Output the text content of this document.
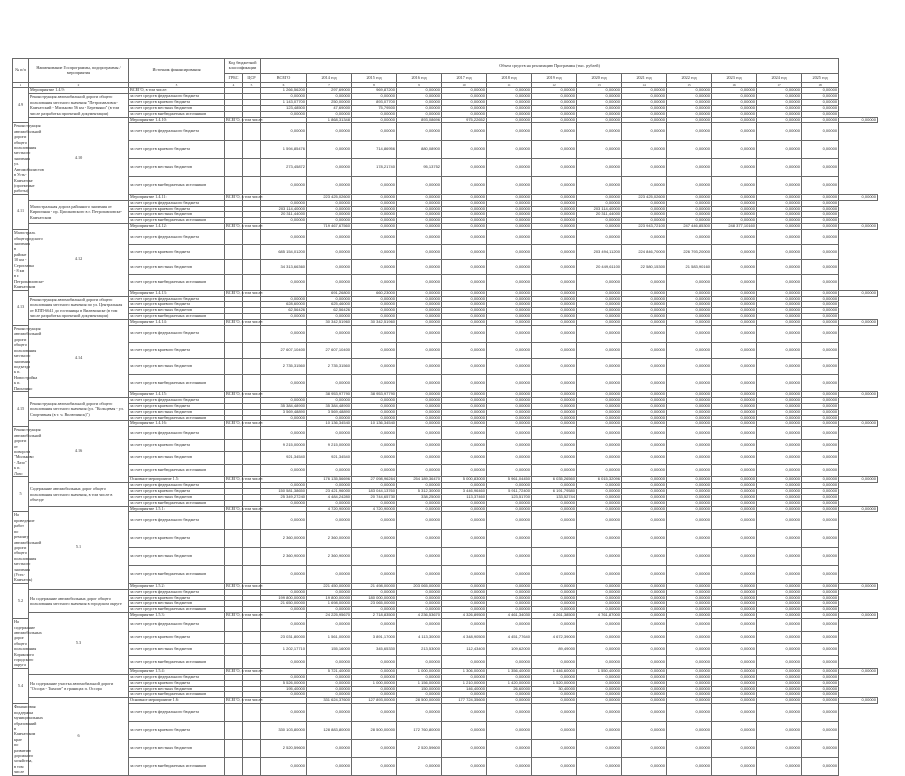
№ п/п	Наименование Госпрограммы, подпрограммы / мероприятия	Источник финансирования	Код бюджетной классификации		Объем средств на реализацию Программы (тыс. рублей)													
			ГРБС	ЦСР	ВСЕГО	2014 год	2015 год	2016 год	2017 год	2018 год	2019 год	2020 год	2021 год	2022 год	2023 год	2024 год	2025 год	
1	2	3	4	5	6	7	8	9	10	11	12	13	14	15	16	17	18	
4.9	Мероприятие 1.4.9:	ВСЕГО, в том числе:			1 266,56200	297,69000	969,87200	0,00000	0,00000	0,00000	0,00000	0,00000	0,00000	0,00000	0,00000	0,00000	0,00000	
	Реконструкция автомобильной дороги общего пользования местного значения "Петропавловск-Камчатский - Мильково 56 км - Березняки" (в том числе разработка проектной документации)	за счет средств федерального бюджета			0,00000	0,00000	0,00000	0,00000	0,00000	0,00000	0,00000	0,00000	0,00000	0,00000	0,00000	0,00000	0,00000	
		за счет средств краевого бюджета			1 143,07700	250,00000	893,07700	0,00000	0,00000	0,00000	0,00000	0,00000	0,00000	0,00000	0,00000	0,00000	0,00000	
		за счет средств местных бюджетов			123,48500	47,69000	75,79500	0,00000	0,00000	0,00000	0,00000	0,00000	0,00000	0,00000	0,00000	0,00000	0,00000	
		за счет средств внебюджетных источников			0,00000	0,00000	0,00000	0,00000	0,00000	0,00000	0,00000	0,00000	0,00000	0,00000	0,00000	0,00000	0,00000	
	4.10	Мероприятие 1.4.10:	ВСЕГО, в том числе:			1 868,31348	0,00000	893,08696	975,22652	0,00000	0,00000	0,00000	0,00000	0,00000	0,00000	0,00000	0,00000	0,00000
Реконструкция автомобильной дороги общего пользования местного значения ул. Автомобилистов в Усть-Камчатске (проектные работы)		за счет средств федерального бюджета			0,00000	0,00000	0,00000	0,00000	0,00000	0,00000	0,00000	0,00000	0,00000	0,00000	0,00000	0,00000	0,00000	
		за счет средств краевого бюджета			1 594,85476	0,00000	714,86956	880,08900	0,00000	0,00000	0,00000	0,00000	0,00000	0,00000	0,00000	0,00000	0,00000	
		за счет средств местных бюджетов			273,45872	0,00000	178,21740	95,13752	0,00000	0,00000	0,00000	0,00000	0,00000	0,00000	0,00000	0,00000	0,00000	
		за счет средств внебюджетных источников			0,00000	0,00000	0,00000	0,00000	0,00000	0,00000	0,00000	0,00000	0,00000	0,00000	0,00000	0,00000	0,00000	
4.11		Мероприятие 1.4.11:	ВСЕГО, в том числе:			223 425,02600	0,00000	0,00000	0,00000	0,00000	0,00000	0,00000	223 425,02600	0,00000	0,00000	0,00000	0,00000	0,00000
	Магистральная дорога районного значения от Кирпичная - пр. Циолковского в г. Петропавловске-Камчатском	за счет средств федерального бюджета			0,00000	0,00000	0,00000	0,00000	0,00000	0,00000	0,00000	0,00000	0,00000	0,00000	0,00000	0,00000	0,00000	
		за счет средств краевого бюджета			203 114,40000	0,00000	0,00000	0,00000	0,00000	0,00000	0,00000	203 114,40000	0,00000	0,00000	0,00000	0,00000	0,00000	
		за счет средств местных бюджетов			20 311,44000	0,00000	0,00000	0,00000	0,00000	0,00000	0,00000	20 311,44000	0,00000	0,00000	0,00000	0,00000	0,00000	
		за счет средств внебюджетных источников			0,00000	0,00000	0,00000	0,00000	0,00000	0,00000	0,00000	0,00000	0,00000	0,00000	0,00000	0,00000	0,00000	
	4.12	Мероприятие 1.4.12:	ВСЕГО, в том числе:			719 467,67560	0,00000	0,00000	0,00000	0,00000	0,00000	0,00000	223 943,72100	247 446,85300	248 377,10160	0,00000	0,00000	0,00000
Магистраль общегородского значения в районе 10 км - Сероглазка - 8 км в г. Петропавловске-Камчатском		за счет средств федерального бюджета			0,00000	0,00000	0,00000	0,00000	0,00000	0,00000	0,00000	0,00000	0,00000	0,00000	0,00000	0,00000	0,00000	
		за счет средств краевого бюджета			685 154,01200	0,00000	0,00000	0,00000	0,00000	0,00000	0,00000	203 494,11200	224 846,70000	226 793,20000	0,00000	0,00000	0,00000	
		за счет средств местных бюджетов			34 313,66360	0,00000	0,00000	0,00000	0,00000	0,00000	0,00000	20 449,61100	22 580,15300	21 583,90160	0,00000	0,00000	0,00000	
		за счет средств внебюджетных источников			0,00000	0,00000	0,00000	0,00000	0,00000	0,00000	0,00000	0,00000	0,00000	0,00000	0,00000	0,00000	0,00000	
4.13		Мероприятие 1.4.13:	ВСЕГО, в том числе:			691,26800	660,23000	0,00000	0,00000	0,00000	0,00000	0,00000	0,00000	0,00000	0,00000	0,00000	0,00000	0,00000
	Реконструкция автомобильной дороги общего пользования местного значения по ул. Центральная от КПП-6641 до гостиницы в Вилючинске (в том числе разработка проектной документации)	за счет средств федерального бюджета			0,00000	0,00000	0,00000	0,00000	0,00000	0,00000	0,00000	0,00000	0,00000	0,00000	0,00000	0,00000	0,00000	
		за счет средств краевого бюджета			628,60000	625,46000	0,00000	0,00000	0,00000	0,00000	0,00000	0,00000	0,00000	0,00000	0,00000	0,00000	0,00000	
		за счет средств местных бюджетов			62,56426	62,56426	0,00000	0,00000	0,00000	0,00000	0,00000	0,00000	0,00000	0,00000	0,00000	0,00000	0,00000	
		за счет средств внебюджетных источников			0,00000	0,00000	0,00000	0,00000	0,00000	0,00000	0,00000	0,00000	0,00000	0,00000	0,00000	0,00000	0,00000	
	4.14	Мероприятие 1.4.14:	ВСЕГО, в том числе:			30 342,51960	30 342,51960	0,00000	0,00000	0,00000	0,00000	0,00000	0,00000	0,00000	0,00000	0,00000	0,00000	0,00000
Реконструкция автомобильной дороги общего пользования местного значения подъезда к п. Новостройка к п. Пиончино		за счет средств федерального бюджета			0,00000	0,00000	0,00000	0,00000	0,00000	0,00000	0,00000	0,00000	0,00000	0,00000	0,00000	0,00000	0,00000	
		за счет средств краевого бюджета			27 607,10400	27 607,10400	0,00000	0,00000	0,00000	0,00000	0,00000	0,00000	0,00000	0,00000	0,00000	0,00000	0,00000	
		за счет средств местных бюджетов			2 735,31560	2 735,31560	0,00000	0,00000	0,00000	0,00000	0,00000	0,00000	0,00000	0,00000	0,00000	0,00000	0,00000	
		за счет средств внебюджетных источников			0,00000	0,00000	0,00000	0,00000	0,00000	0,00000	0,00000	0,00000	0,00000	0,00000	0,00000	0,00000	0,00000	
4.15		Мероприятие 1.4.15:	ВСЕГО, в том числе:			38 953,97790	38 953,97790	0,00000	0,00000	0,00000	0,00000	0,00000	0,00000	0,00000	0,00000	0,00000	0,00000	0,00000
	Реконструкция автомобильной дороги общего пользования местного значения (ул. "Кольцевая - ул. Спортивная (в т. ч. Вилючинск)")	за счет средств федерального бюджета			0,00000	0,00000	0,00000	0,00000	0,00000	0,00000	0,00000	0,00000	0,00000	0,00000	0,00000	0,00000	0,00000	
		за счет средств краевого бюджета			35 384,48900	35 384,48900	0,00000	0,00000	0,00000	0,00000	0,00000	0,00000	0,00000	0,00000	0,00000	0,00000	0,00000	
		за счет средств местных бюджетов			3 569,48890	3 569,48890	0,00000	0,00000	0,00000	0,00000	0,00000	0,00000	0,00000	0,00000	0,00000	0,00000	0,00000	
		за счет средств внебюджетных источников			0,00000	0,00000	0,00000	0,00000	0,00000	0,00000	0,00000	0,00000	0,00000	0,00000	0,00000	0,00000	0,00000	
	4.16	Мероприятие 1.4.16:	ВСЕГО, в том числе:			10 136,34540	10 136,34540	0,00000	0,00000	0,00000	0,00000	0,00000	0,00000	0,00000	0,00000	0,00000	0,00000	0,00000
Реконструкция автомобильной дороги от поворота "Мильково - Лазо" к п. Лазо		за счет средств федерального бюджета			0,00000	0,00000	0,00000	0,00000	0,00000	0,00000	0,00000	0,00000	0,00000	0,00000	0,00000	0,00000	0,00000	
		за счет средств краевого бюджета			9 215,00000	9 215,00000	0,00000	0,00000	0,00000	0,00000	0,00000	0,00000	0,00000	0,00000	0,00000	0,00000	0,00000	
		за счет средств местных бюджетов			921,34540	921,34540	0,00000	0,00000	0,00000	0,00000	0,00000	0,00000	0,00000	0,00000	0,00000	0,00000	0,00000	
		за счет средств внебюджетных источников			0,00000	0,00000	0,00000	0,00000	0,00000	0,00000	0,00000	0,00000	0,00000	0,00000	0,00000	0,00000	0,00000	
5		Основное мероприятие 1.5:	ВСЕГО, в том числе:			176 135,56696	27 098,96264	254 189,36470	5 000,83000	5 961,04450	6 035,26560	6 015,32096	0,00000	0,00000	0,00000	0,00000	0,00000	0,00000
	Содержание автомобильных дорог общего пользования местного значения, в том числе в объезде	за счет средств федерального бюджета			0,00000	0,00000	0,00000	0,00000	0,00000	0,00000	0,00000	0,00000	0,00000	0,00000	0,00000	0,00000	0,00000	
		за счет средств краевого бюджета			150 581,38650	23 421,96000	183 044,13760	5 312,30000	3 446,96460	5 911,72400	6 191,79580	0,00000	0,00000	0,00000	0,00000	0,00000	0,00000	
		за счет средств местных бюджетов			25 349,27240	4 484,24280	20 744,65730	338,25000	113,37460	123,51700	133,52744	0,00000	0,00000	0,00000	0,00000	0,00000	0,00000	
		за счет средств внебюджетных источников			0,00000	0,00000	0,00000	0,00000	0,00000	0,00000	0,00000	0,00000	0,00000	0,00000	0,00000	0,00000	0,00000	
	5.1	Мероприятие 1.5.1:	ВСЕГО, в том числе:			4 720,90000	4 720,90000	0,00000	0,00000	0,00000	0,00000	0,00000	0,00000	0,00000	0,00000	0,00000	0,00000	0,00000
На проведение работ по ремонту автомобильной дороги общего пользования местного значения (Усть-Камчатск)		за счет средств федерального бюджета			0,00000	0,00000	0,00000	0,00000	0,00000	0,00000	0,00000	0,00000	0,00000	0,00000	0,00000	0,00000	0,00000	
		за счет средств краевого бюджета			2 360,00000	2 360,00000	0,00000	0,00000	0,00000	0,00000	0,00000	0,00000	0,00000	0,00000	0,00000	0,00000	0,00000	
		за счет средств местных бюджетов			2 360,90000	2 360,90000	0,00000	0,00000	0,00000	0,00000	0,00000	0,00000	0,00000	0,00000	0,00000	0,00000	0,00000	
		за счет средств внебюджетных источников			0,00000	0,00000	0,00000	0,00000	0,00000	0,00000	0,00000	0,00000	0,00000	0,00000	0,00000	0,00000	0,00000	
5.2		Мероприятие 1.5.2:	ВСЕГО, в том числе:			221 450,00000	21 498,00000	203 065,00000	0,00000	0,00000	0,00000	0,00000	0,00000	0,00000	0,00000	0,00000	0,00000	0,00000
	На содержание автомобильных дорог общего пользования местного значения в городском округе	за счет средств федерального бюджета			0,00000	0,00000	0,00000	0,00000	0,00000	0,00000	0,00000	0,00000	0,00000	0,00000	0,00000	0,00000	0,00000	
		за счет средств краевого бюджета			199 800,00000	19 800,00000	180 000,00000	0,00000	0,00000	0,00000	0,00000	0,00000	0,00000	0,00000	0,00000	0,00000	0,00000	
		за счет средств местных бюджетов			21 650,00000	1 698,00000	23 065,00000	0,00000	0,00000	0,00000	0,00000	0,00000	0,00000	0,00000	0,00000	0,00000	0,00000	
		за счет средств внебюджетных источников			0,00000	0,00000	0,00000	0,00000	0,00000	0,00000	0,00000	0,00000	0,00000	0,00000	0,00000	0,00000	0,00000	
	5.3	Мероприятие 1.5.3:	ВСЕГО, в том числе:			24 225,95670	2 718,83500	4 236,53670	4 326,89500	4 461,34030	4 261,38500	4 761,87000	0,00000	0,00000	0,00000	0,00000	0,00000	0,00000
На содержание автомобильных дорог общего пользования Корякского городского округа		за счет средств федерального бюджета			0,00000	0,00000	0,00000	0,00000	0,00000	0,00000	0,00000	0,00000	0,00000	0,00000	0,00000	0,00000	0,00000	
		за счет средств краевого бюджета			23 031,80000	1 561,00000	3 891,17000	4 113,30000	4 348,90500	4 451,77640	4 672,39000	0,00000	0,00000	0,00000	0,00000	0,00000	0,00000	
		за счет средств местных бюджетов			1 202,17710	155,16000	345,65330	213,53000	112,43400	109,62000	89,49000	0,00000	0,00000	0,00000	0,00000	0,00000	0,00000	
		за счет средств внебюджетных источников			0,00000	0,00000	0,00000	0,00000	0,00000	0,00000	0,00000	0,00000	0,00000	0,00000	0,00000	0,00000	0,00000	
5.4		Мероприятие 1.5.4:	ВСЕГО, в том числе:			5 721,40000	0,00000	1 000,00000	1 306,00000	1 356,40000	1 446,60000	1 550,40000	0,00000	0,00000	0,00000	0,00000	0,00000	0,00000
	На содержание участка автомобильной дороги "Оссора - Тымлат" в границах п. Оссора	за счет средств федерального бюджета			0,00000	0,00000	0,00000	0,00000	0,00000	0,00000	0,00000	0,00000	0,00000	0,00000	0,00000	0,00000	0,00000	
		за счет средств краевого бюджета			5 526,00000	0,00000	1 000,00000	1 156,00000	1 210,00000	1 420,00000	1 520,00000	0,00000	0,00000	0,00000	0,00000	0,00000	0,00000	
		за счет средств местных бюджетов			195,40000	0,00000	0,00000	150,00000	146,40000	26,60000	30,40000	0,00000	0,00000	0,00000	0,00000	0,00000	0,00000	
		за счет средств внебюджетных источников			0,00000	0,00000	0,00000	0,00000	0,00000	0,00000	0,00000	0,00000	0,00000	0,00000	0,00000	0,00000	0,00000	
	6	Основное мероприятие 1.6:	ВСЕГО, в том числе:			331 624,37600	127 893,00000	28 500,00000	177 724,35600	0,00000	0,00000	0,00000	0,00000	0,00000	0,00000	0,00000	0,00000	0,00000
Финансовая поддержка муниципальных образований в Камчатском крае по развитию дорожного хозяйства, в том числе		за счет средств федерального бюджета			0,00000	0,00000	0,00000	0,00000	0,00000	0,00000	0,00000	0,00000	0,00000	0,00000	0,00000	0,00000	0,00000	
		за счет средств краевого бюджета			330 103,80000	128 883,80000	28 500,00000	172 760,80000	0,00000	0,00000	0,00000	0,00000	0,00000	0,00000	0,00000	0,00000	0,00000	
		за счет средств местных бюджетов			2 520,59600	0,00000	0,00000	2 520,59600	0,00000	0,00000	0,00000	0,00000	0,00000	0,00000	0,00000	0,00000	0,00000	
		за счет средств внебюджетных источников			0,00000	0,00000	0,00000	0,00000	0,00000	0,00000	0,00000	0,00000	0,00000	0,00000	0,00000	0,00000	0,00000	
